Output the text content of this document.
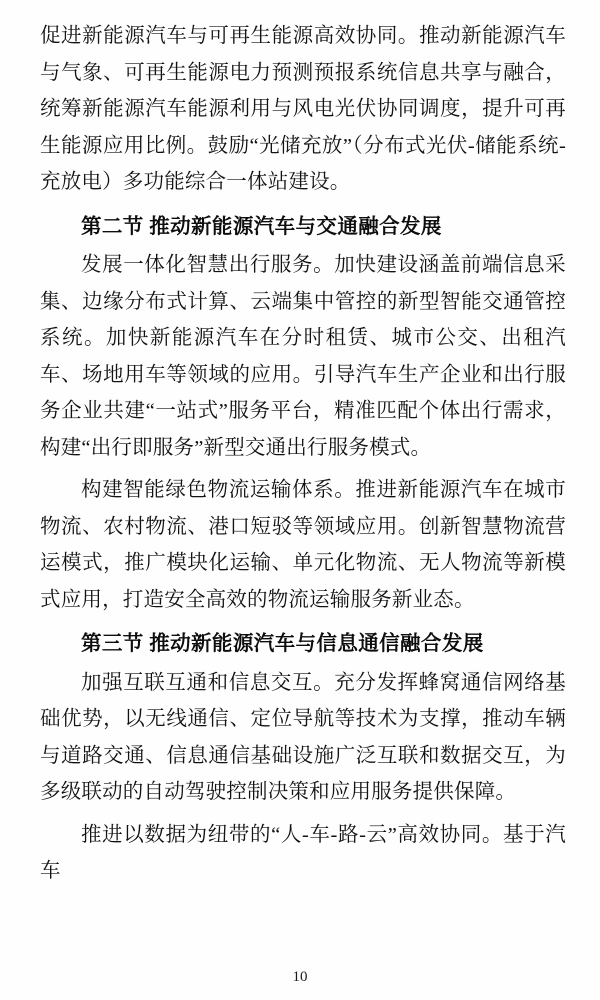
促进新能源汽车与可再生能源高效协同。推动新能源汽车与气象、可再生能源电力预测预报系统信息共享与融合，统筹新能源汽车能源利用与风电光伏协同调度，提升可再生能源应用比例。鼓励“光储充放”（分布式光伏-储能系统-充放电）多功能综合一体站建设。

第二节 推动新能源汽车与交通融合发展

发展一体化智慧出行服务。加快建设涵盖前端信息采集、边缘分布式计算、云端集中管控的新型智能交通管控系统。加快新能源汽车在分时租赁、城市公交、出租汽车、场地用车等领域的应用。引导汽车生产企业和出行服务企业共建“一站式”服务平台，精准匹配个体出行需求，构建“出行即服务”新型交通出行服务模式。

构建智能绿色物流运输体系。推进新能源汽车在城市物流、农村物流、港口短驳等领域应用。创新智慧物流营运模式，推广模块化运输、单元化物流、无人物流等新模式应用，打造安全高效的物流运输服务新业态。

第三节 推动新能源汽车与信息通信融合发展

加强互联互通和信息交互。充分发挥蜂窝通信网络基础优势，以无线通信、定位导航等技术为支撑，推动车辆与道路交通、信息通信基础设施广泛互联和数据交互，为多级联动的自动驾驶控制决策和应用服务提供保障。

推进以数据为纽带的“人-车-路-云”高效协同。基于汽车

10
